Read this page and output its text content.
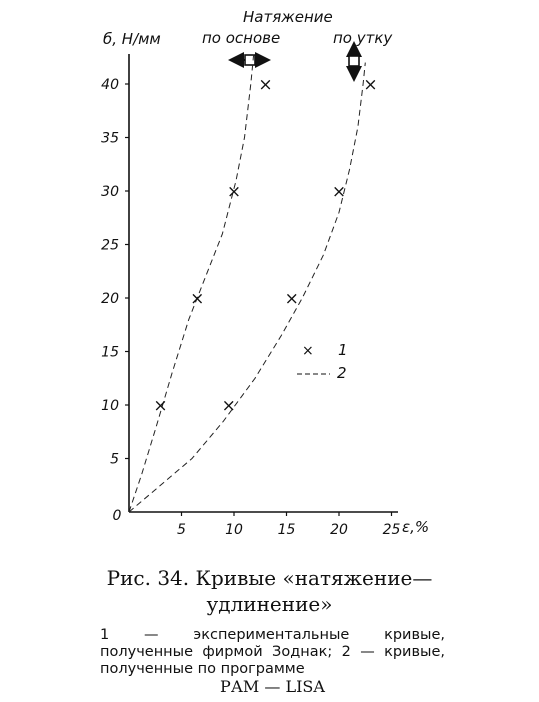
5
10
15
20
25
30
35
40
5	10 15 20 25
0
б, Н/мм
ε,%
Натяжение
по основе	по утку
×
×
×
×
×
×
×
×
× 1
2
Рис. 34. Кривые «натяжение—
удлинение»
1 — экспериментальные кривые, полученные фирмой Зоднак; 2 — кривые, полученные по программе
РАМ — LISA
